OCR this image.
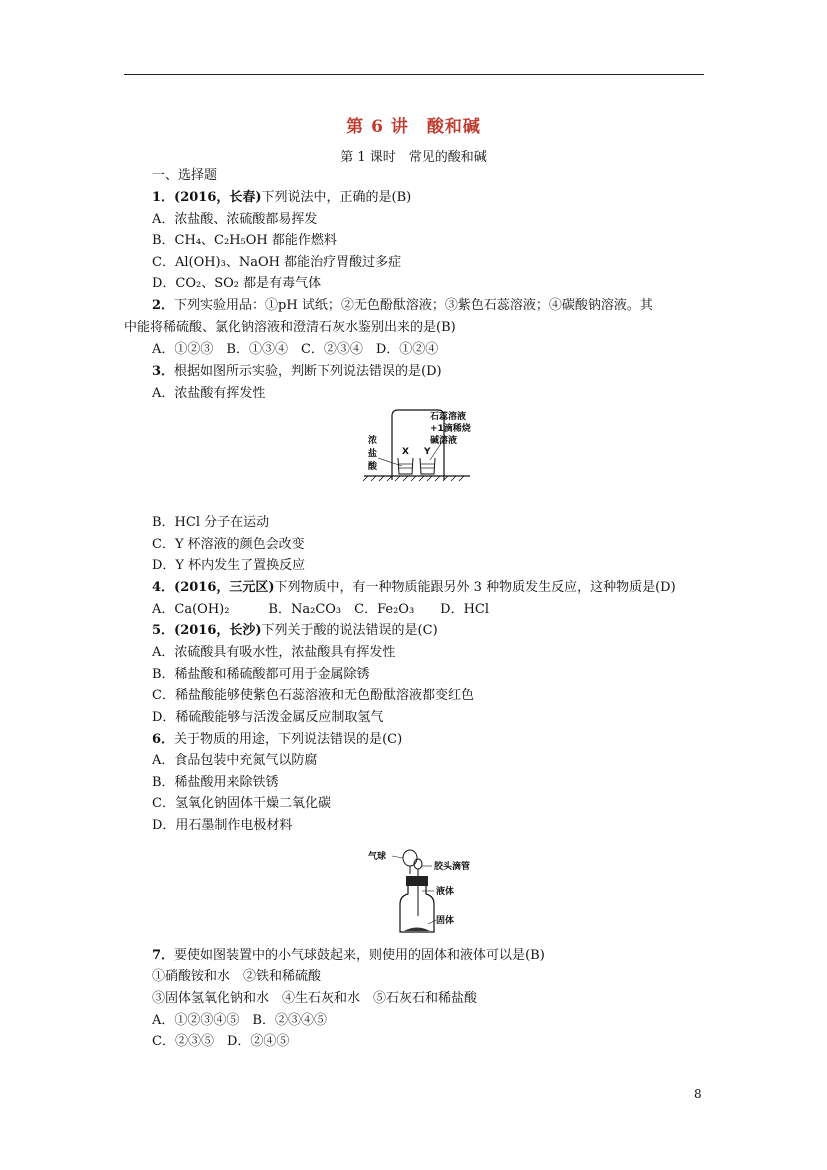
第 6 讲　酸和碱
第 1 课时　常见的酸和碱
一、选择题
1．(2016，长春)下列说法中，正确的是(B)
A．浓盐酸、浓硫酸都易挥发
B．CH₄、C₂H₅OH 都能作燃料
C．Al(OH)₃、NaOH 都能治疗胃酸过多症
D．CO₂、SO₂ 都是有毒气体
2．下列实验用品：①pH 试纸；②无色酚酞溶液；③紫色石蕊溶液；④碳酸钠溶液。其
中能将稀硫酸、氯化钠溶液和澄清石灰水鉴别出来的是(B)
A．①②③　B．①③④　C．②③④　D．①②④
3．根据如图所示实验，判断下列说法错误的是(D)
A．浓盐酸有挥发性
X Y
浓
盐
酸
石蕊溶液
+1滴稀烧
碱溶液
B．HCl 分子在运动
C．Y 杯溶液的颜色会改变
D．Y 杯内发生了置换反应
4．(2016，三元区)下列物质中，有一种物质能跟另外 3 种物质发生反应，这种物质是(D)
A．Ca(OH)₂　　　B．Na₂CO₃　C．Fe₂O₃　　D．HCl
5．(2016，长沙)下列关于酸的说法错误的是(C)
A．浓硫酸具有吸水性，浓盐酸具有挥发性
B．稀盐酸和稀硫酸都可用于金属除锈
C．稀盐酸能够使紫色石蕊溶液和无色酚酞溶液都变红色
D．稀硫酸能够与活泼金属反应制取氢气
6．关于物质的用途，下列说法错误的是(C)
A．食品包装中充氮气以防腐
B．稀盐酸用来除铁锈
C．氢氧化钠固体干燥二氧化碳
D．用石墨制作电极材料
气球
胶头滴管
液体
固体
7．要使如图装置中的小气球鼓起来，则使用的固体和液体可以是(B)
①硝酸铵和水　②铁和稀硫酸
③固体氢氧化钠和水　④生石灰和水　⑤石灰石和稀盐酸
A．①②③④⑤　B．②③④⑤
C．②③⑤　D．②④⑤
8
